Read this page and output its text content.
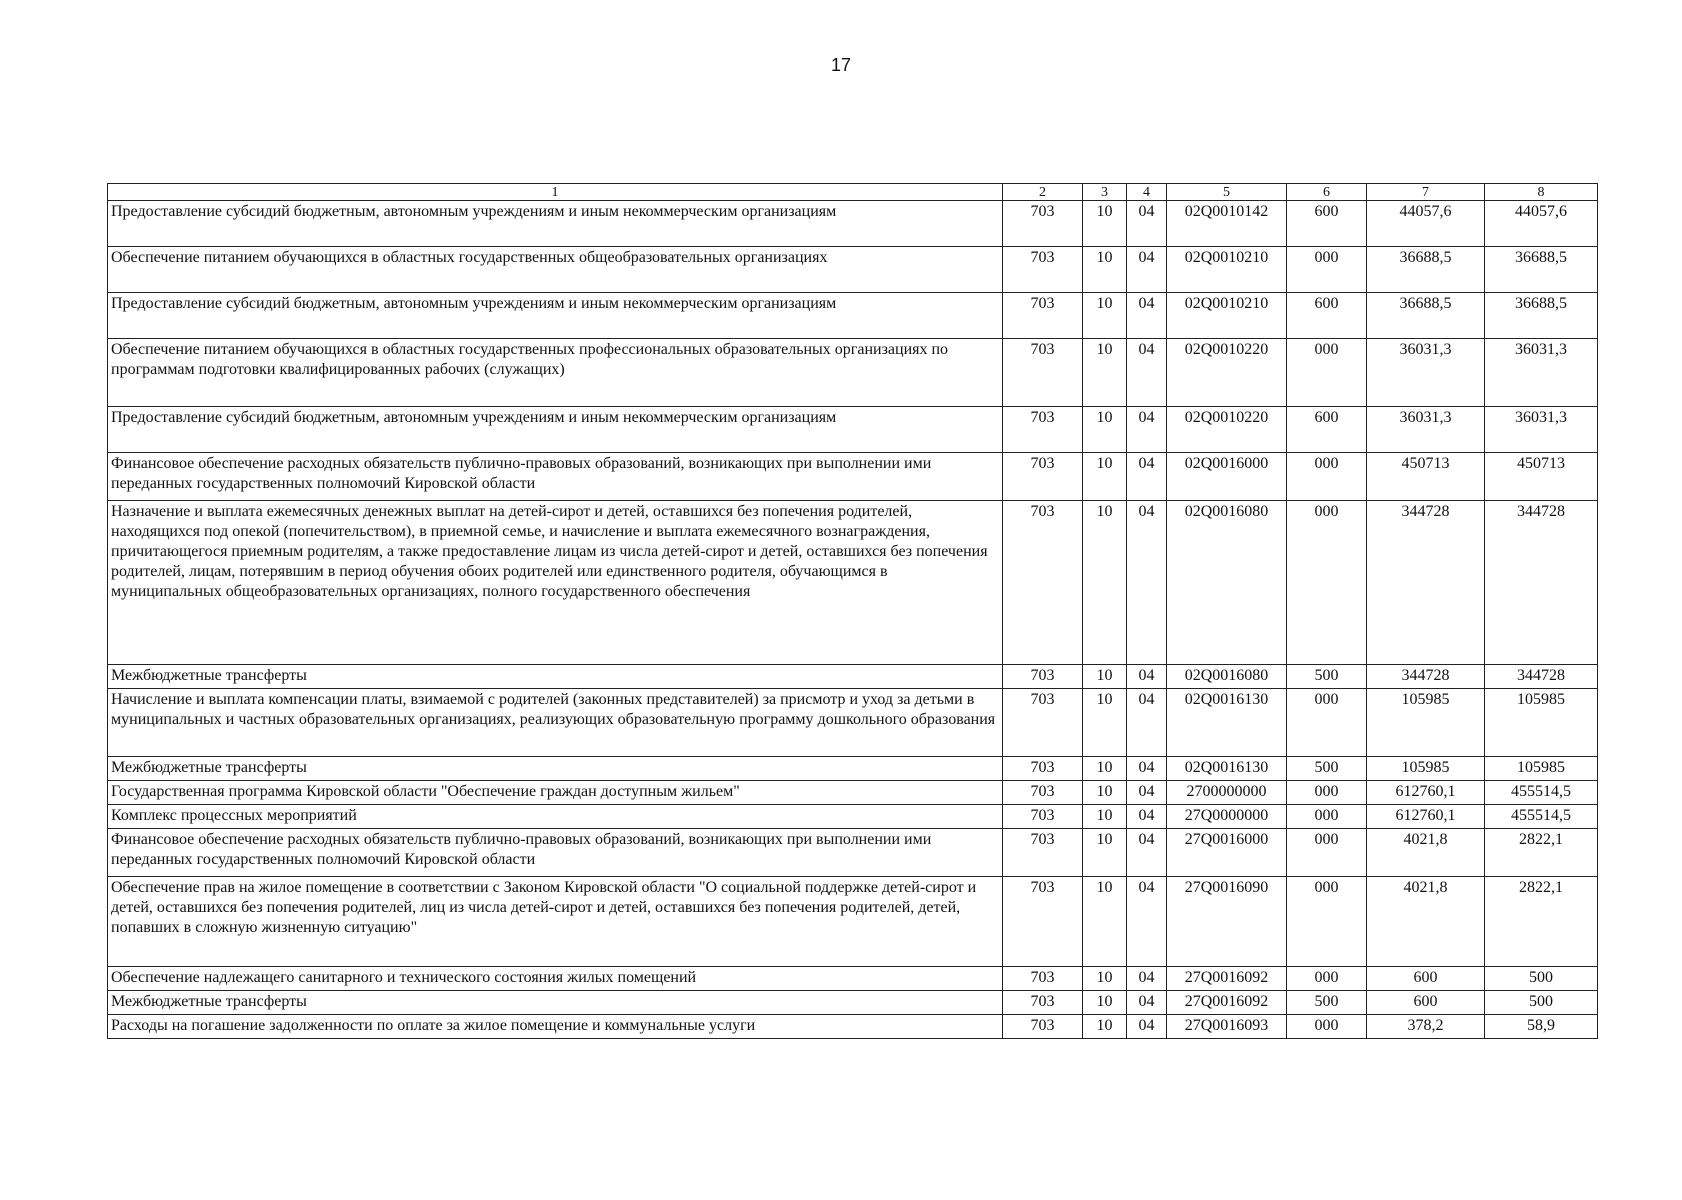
17
1	2	3	4	5	6	7	8
Предоставление субсидий бюджетным, автономным учреждениям и иным некоммерческим организациям	703	10	04	02Q0010142	600	44057,6	44057,6
Обеспечение питанием обучающихся в областных государственных общеобразовательных организациях	703	10	04	02Q0010210	000	36688,5	36688,5
Предоставление субсидий бюджетным, автономным учреждениям и иным некоммерческим организациям	703	10	04	02Q0010210	600	36688,5	36688,5
Обеспечение питанием обучающихся в областных государственных профессиональных образовательных организациях по программам подготовки квалифицированных рабочих (служащих)	703	10	04	02Q0010220	000	36031,3	36031,3
Предоставление субсидий бюджетным, автономным учреждениям и иным некоммерческим организациям	703	10	04	02Q0010220	600	36031,3	36031,3
Финансовое обеспечение расходных обязательств публично-правовых образований, возникающих при выполнении ими переданных государственных полномочий Кировской области	703	10	04	02Q0016000	000	450713	450713
Назначение и выплата ежемесячных денежных выплат на детей-сирот и детей, оставшихся без попечения родителей, находящихся под опекой (попечительством), в приемной семье, и начисление и выплата ежемесячного вознаграждения, причитающегося приемным родителям, а также предоставление лицам из числа детей-сирот и детей, оставшихся без попечения родителей, лицам, потерявшим в период обучения обоих родителей или единственного родителя, обучающимся в муниципальных общеобразовательных организациях, полного государственного обеспечения	703	10	04	02Q0016080	000	344728	344728
Межбюджетные трансферты	703	10	04	02Q0016080	500	344728	344728
Начисление и выплата компенсации платы, взимаемой с родителей (законных представителей) за присмотр и уход за детьми в муниципальных и частных образовательных организациях, реализующих образовательную программу дошкольного образования	703	10	04	02Q0016130	000	105985	105985
Межбюджетные трансферты	703	10	04	02Q0016130	500	105985	105985
Государственная программа Кировской области "Обеспечение граждан доступным жильем"	703	10	04	2700000000	000	612760,1	455514,5
Комплекс процессных мероприятий	703	10	04	27Q0000000	000	612760,1	455514,5
Финансовое обеспечение расходных обязательств публично-правовых образований, возникающих при выполнении ими переданных государственных полномочий Кировской области	703	10	04	27Q0016000	000	4021,8	2822,1
Обеспечение прав на жилое помещение в соответствии с Законом Кировской области "О социальной поддержке детей-сирот и детей, оставшихся без попечения родителей, лиц из числа детей-сирот и детей, оставшихся без попечения родителей, детей, попавших в сложную жизненную ситуацию"	703	10	04	27Q0016090	000	4021,8	2822,1
Обеспечение надлежащего санитарного и технического состояния жилых помещений	703	10	04	27Q0016092	000	600	500
Межбюджетные трансферты	703	10	04	27Q0016092	500	600	500
Расходы на погашение задолженности по оплате за жилое помещение и коммунальные услуги	703	10	04	27Q0016093	000	378,2	58,9
